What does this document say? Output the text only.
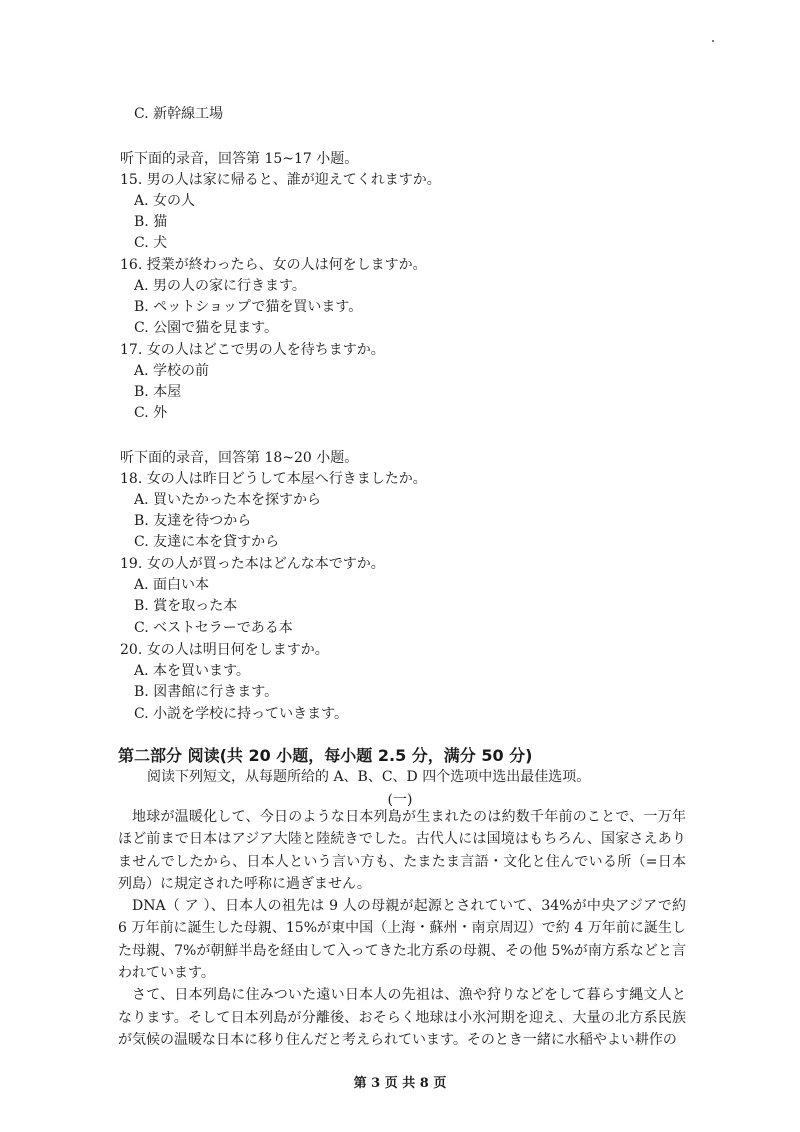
C. 新幹線工場
听下面的录音，回答第 15~17 小题。
15. 男の人は家に帰ると、誰が迎えてくれますか。
A. 女の人
B. 猫
C. 犬
16. 授業が終わったら、女の人は何をしますか。
A. 男の人の家に行きます。
B. ペットショップで猫を買います。
C. 公園で猫を見ます。
17. 女の人はどこで男の人を待ちますか。
A. 学校の前
B. 本屋
C. 外
听下面的录音，回答第 18~20 小题。
18. 女の人は昨日どうして本屋へ行きましたか。
A. 買いたかった本を探すから
B. 友達を待つから
C. 友達に本を貸すから
19. 女の人が買った本はどんな本ですか。
A. 面白い本
B. 賞を取った本
C. ベストセラーである本
20. 女の人は明日何をしますか。
A. 本を買います。
B. 図書館に行きます。
C. 小説を学校に持っていきます。
第二部分 阅读(共 20 小题，每小题 2.5 分，满分 50 分)
阅读下列短文，从每题所给的 A、B、C、D 四个选项中选出最佳选项。
(一)

地球が温暖化して、今日のような日本列島が生まれたのは約数千年前のことで、一万年ほど前まで日本はアジア大陸と陸続きでした。古代人には国境はもちろん、国家さえありませんでしたから、日本人という言い方も、たまたま言語・文化と住んでいる所（=日本列島）に規定された呼称に過ぎません。

DNA（ ア ）、日本人の祖先は 9 人の母親が起源とされていて、34%が中央アジアで約 6 万年前に誕生した母親、15%が東中国（上海・蘇州・南京周辺）で約 4 万年前に誕生した母親、7%が朝鮮半島を経由して入ってきた北方系の母親、その他 5%が南方系などと言われています。

さて、日本列島に住みついた遠い日本人の先祖は、漁や狩りなどをして暮らす縄文人となります。そして日本列島が分離後、おそらく地球は小氷河期を迎え、大量の北方系民族が気候の温暖な日本に移り住んだと考えられています。そのとき一緒に水稲やよい耕作の

第 3 页 共 8 页
